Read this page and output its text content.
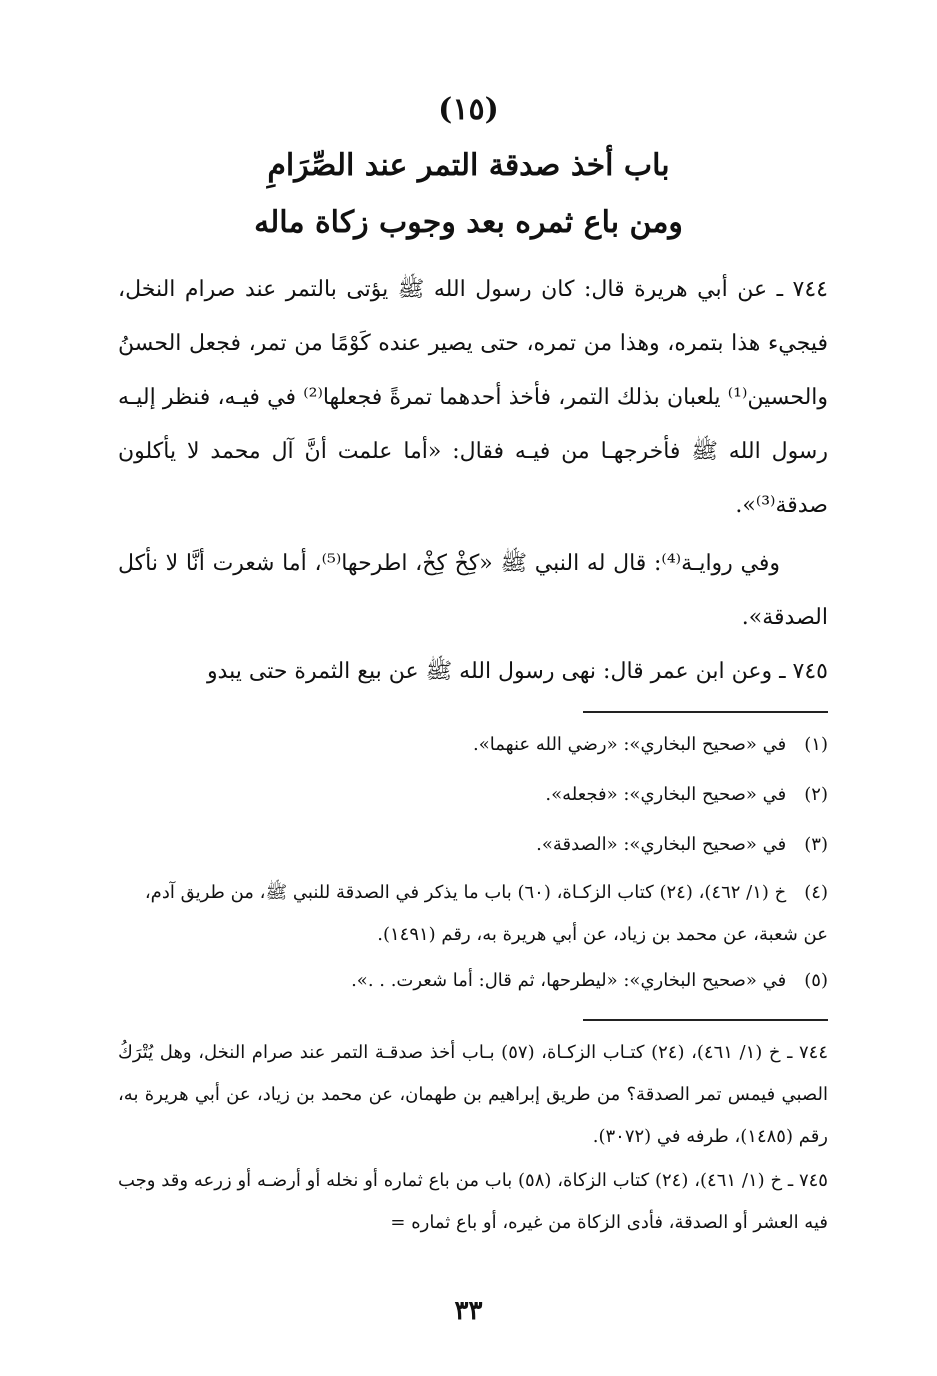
(١٥)
باب أخذ صدقة التمر عند الصِّرَامِ
ومن باع ثمره بعد وجوب زكاة ماله
٧٤٤ ـ عن أبي هريرة قال: كان رسول الله ﷺ يؤتى بالتمر عند صرام النخل، فيجيء هذا بتمره، وهذا من تمره، حتى يصير عنده كَوْمًا من تمر، فجعل الحسنُ والحسين⁽¹⁾ يلعبان بذلك التمر، فأخذ أحدهما تمرةً فجعلها⁽²⁾ في فيـه، فنظر إليـه رسول الله ﷺ فأخرجهـا من فيـه فقال: «أما علمت أنَّ آل محمد لا يأكلون صدقة⁽³⁾».
وفي روايـة⁽⁴⁾: قال له النبي ﷺ «كِخْ كِخْ، اطرحها⁽⁵⁾، أما شعرت أنَّا لا نأكل الصدقة».
٧٤٥ ـ وعن ابن عمر قال: نهى رسول الله ﷺ عن بيع الثمرة حتى يبدو
(١) في «صحيح البخاري»: «رضي الله عنهما».
(٢) في «صحيح البخاري»: «فجعله».
(٣) في «صحيح البخاري»: «الصدقة».
(٤) خ (١/ ٤٦٢)، (٢٤) كتاب الزكـاة، (٦٠) باب ما يذكر في الصدقة للنبي ﷺ، من طريق آدم، عن شعبة، عن محمد بن زياد، عن أبي هريرة به، رقم (١٤٩١).
(٥) في «صحيح البخاري»: «ليطرحها، ثم قال: أما شعرت. . .».
٧٤٤ ـ خ (١/ ٤٦١)، (٢٤) كتـاب الزكـاة، (٥٧) بـاب أخذ صدقـة التمر عند صرام النخل، وهل يُتْرَكُ الصبي فيمس تمر الصدقة؟ من طريق إبراهيم بن طهمان، عن محمد بن زياد، عن أبي هريرة به، رقم (١٤٨٥)، طرفه في (٣٠٧٢).
٧٤٥ ـ خ (١/ ٤٦١)، (٢٤) كتاب الزكاة، (٥٨) باب من باع ثماره أو نخله أو أرضـه أو زرعه وقد وجب فيه العشر أو الصدقة، فأدى الزكاة من غيره، أو باع ثماره =
٣٣
